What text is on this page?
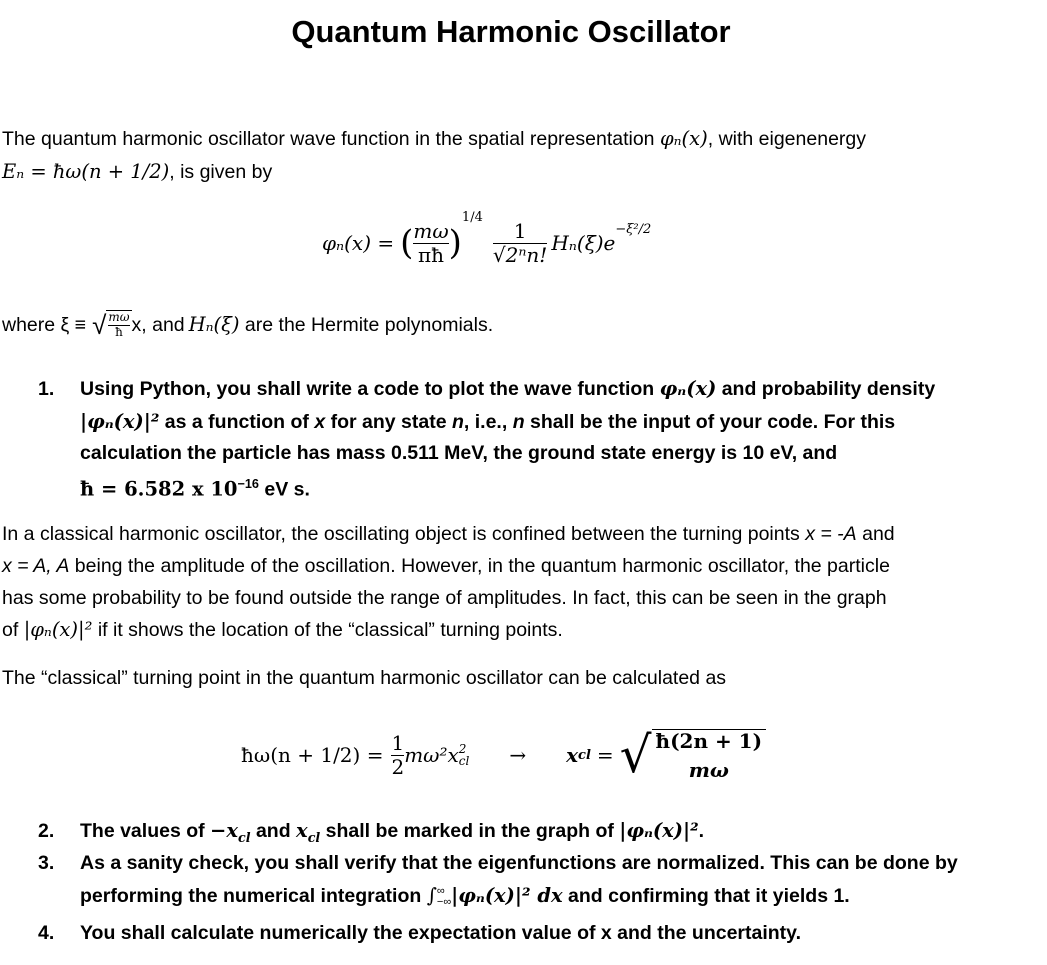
Quantum Harmonic Oscillator
The quantum harmonic oscillator wave function in the spatial representation φₙ(x), with eigenenergy
Eₙ = ħω(n + 1/2), is given by
φₙ(x) = ( $\frac{m\omega}{\pi ħ}$ )
1/4
$\frac{1}{\text{√2ⁿn!}} H_n(\xi)e$
−ξ²/2
where ξ ≡ √ $\frac{m\omega}{ħ} x$, and Hₙ(ξ) are the Hermite polynomials.
1. Using Python, you shall write a code to plot the wave function φₙ(x) and probability density
|φₙ(x)|² as a function of x for any state n, i.e., n shall be the input of your code. For this
calculation the particle has mass 0.511 MeV, the ground state energy is 10 eV, and
ħ = 6.582 x $10^{-16}$ eV s.
In a classical harmonic oscillator, the oscillating object is confined between the turning points x = -A and
x = A, A being the amplitude of the oscillation. However, in the quantum harmonic oscillator, the particle
has some probability to be found outside the range of amplitudes. In fact, this can be seen in the graph
of |φₙ(x)|² if it shows the location of the “classical” turning points.
The “classical” turning point in the quantum harmonic oscillator can be calculated as
ħω(n + $1/2) = \frac{1}{2} m\omega^2x$ 2
cl → x cl = √ ħ(2n + 1)
mω
2. The values of $-x_{cl}$ and $x_{cl}$ shall be marked in the graph of |φₙ(x)|².
3. As a sanity check, you shall verify that the eigenfunctions are normalized. This can be done by
performing the numerical integration ∫ ∞
−∞ |φₙ(x)|² dx and confirming that it yields 1.
4. You shall calculate numerically the expectation value of x and the uncertainty.
